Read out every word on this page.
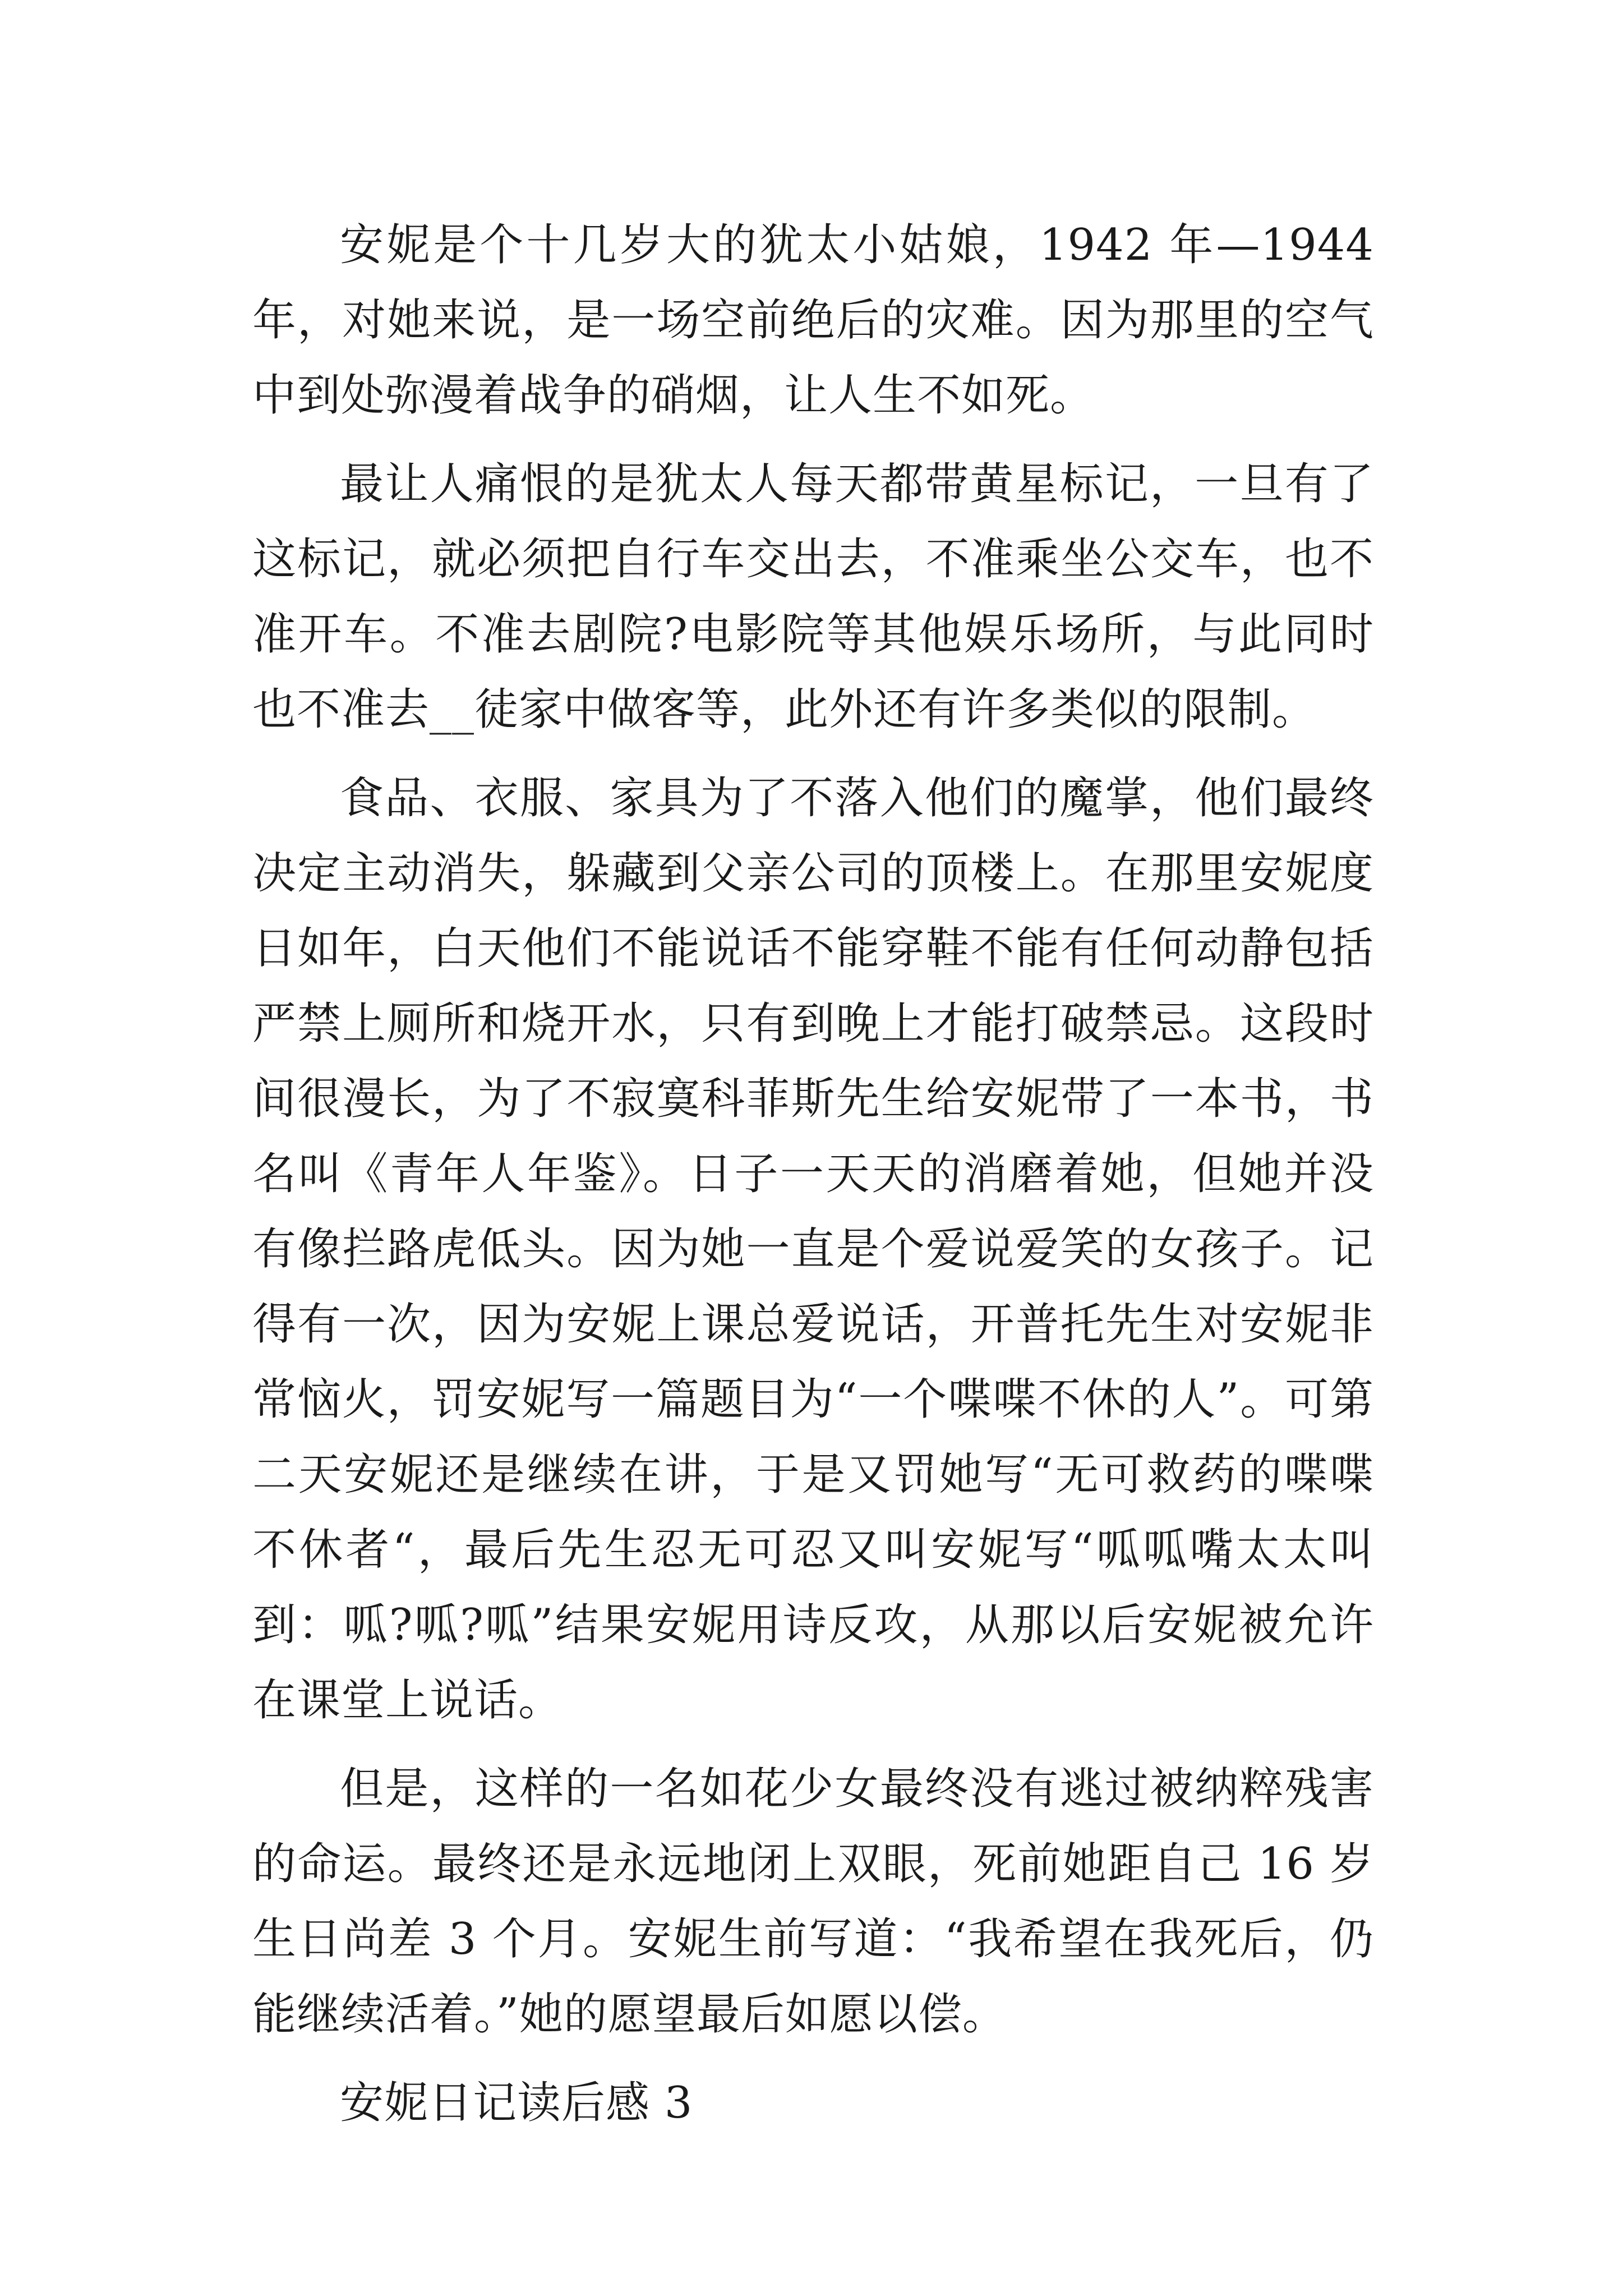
安妮是个十几岁大的犹太小姑娘，1942 年—1944 年，对她来说，是一场空前绝后的灾难。因为那里的空气中到处弥漫着战争的硝烟，让人生不如死。

最让人痛恨的是犹太人每天都带黄星标记，一旦有了这标记，就必须把自行车交出去，不准乘坐公交车，也不准开车。不准去剧院?电影院等其他娱乐场所，与此同时也不准去__徒家中做客等，此外还有许多类似的限制。

食品、衣服、家具为了不落入他们的魔掌，他们最终决定主动消失，躲藏到父亲公司的顶楼上。在那里安妮度日如年，白天他们不能说话不能穿鞋不能有任何动静包括严禁上厕所和烧开水，只有到晚上才能打破禁忌。这段时间很漫长，为了不寂寞科菲斯先生给安妮带了一本书，书名叫《青年人年鉴》。日子一天天的消磨着她，但她并没有像拦路虎低头。因为她一直是个爱说爱笑的女孩子。记得有一次，因为安妮上课总爱说话，开普托先生对安妮非常恼火，罚安妮写一篇题目为“一个喋喋不休的人”。可第二天安妮还是继续在讲，于是又罚她写“无可救药的喋喋不休者“，最后先生忍无可忍又叫安妮写“呱呱嘴太太叫到：呱?呱?呱”结果安妮用诗反攻，从那以后安妮被允许在课堂上说话。

但是，这样的一名如花少女最终没有逃过被纳粹残害的命运。最终还是永远地闭上双眼，死前她距自己 16 岁生日尚差 3 个月。安妮生前写道：“我希望在我死后，仍能继续活着。”她的愿望最后如愿以偿。

安妮日记读后感 3
